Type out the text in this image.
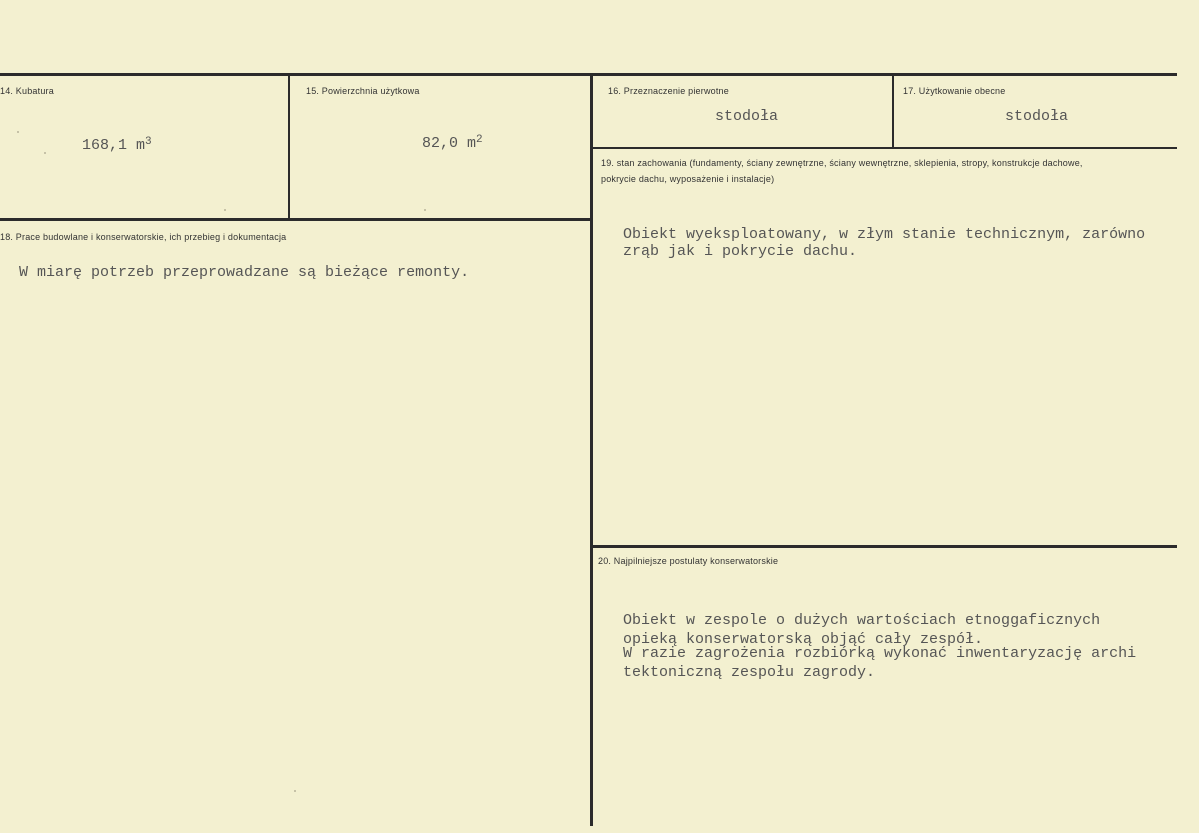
14. Kubatura
168,1 $m^3$
15. Powierzchnia użytkowa
82,0 $m^2$
16. Przeznaczenie pierwotne
stodoła
17. Użytkowanie obecne
stodoła
18. Prace budowlane i konserwatorskie, ich przebieg i dokumentacja
W miarę potrzeb przeprowadzane są bieżące remonty.
19. stan zachowania (fundamenty, ściany zewnętrzne, ściany wewnętrzne, sklepienia, stropy, konstrukcje dachowe, pokrycie dachu, wyposażenie i instalacje)
Obiekt wyeksploatowany, w złym stanie technicznym, zarówno
zrąb jak i pokrycie dachu.
20. Najpilniejsze postulaty konserwatorskie
Obiekt w zespole o dużych wartościach etnoggaficznych
opieką konserwatorską objąć cały zespół.
W razie zagrożenia rozbiórką wykonać inwentaryzację archi
tektoniczną zespołu zagrody.
